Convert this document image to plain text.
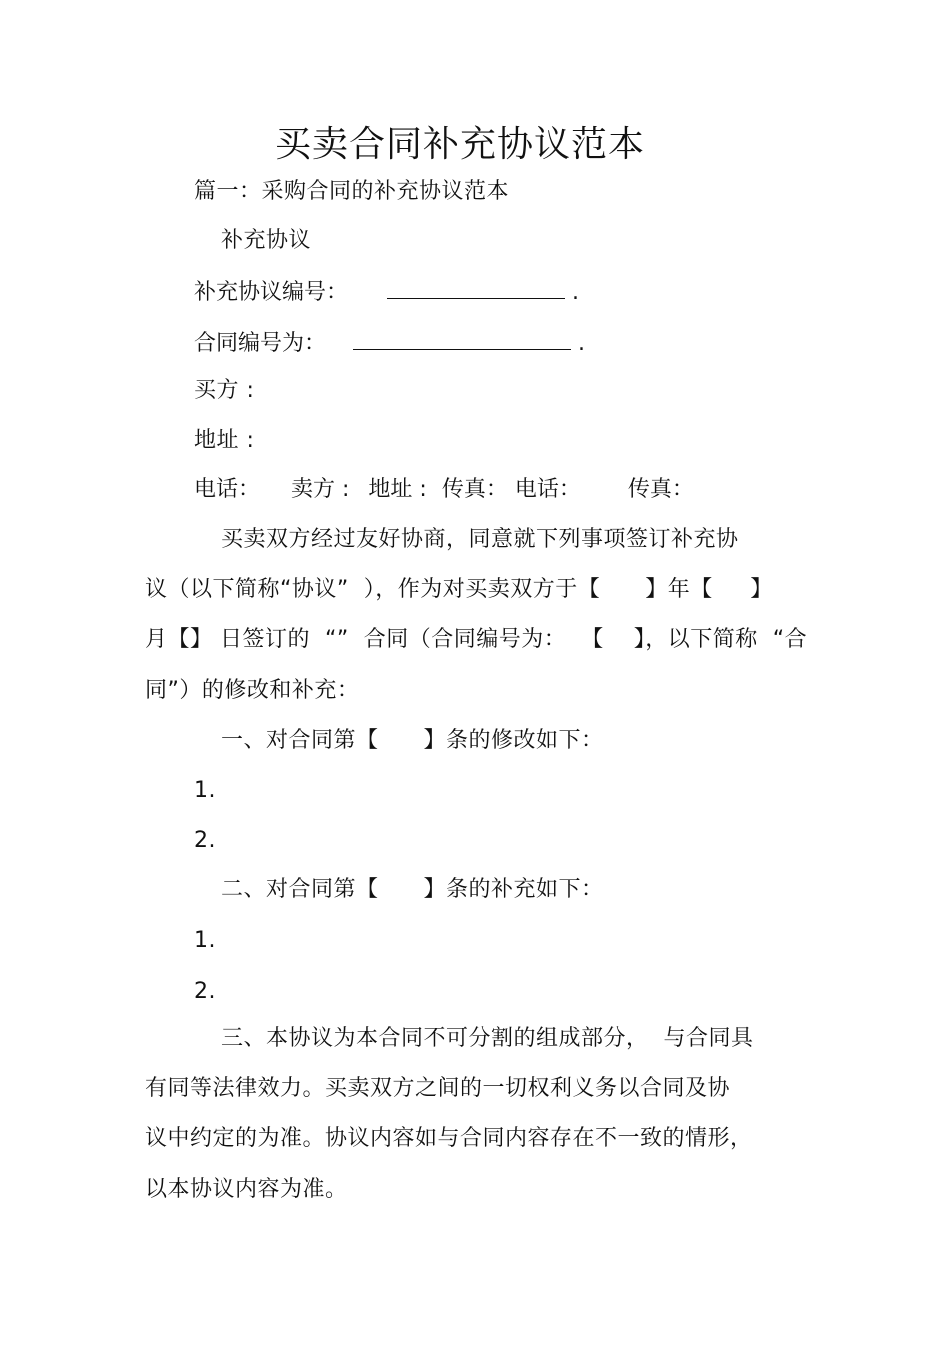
买卖合同补充协议范本
篇一：采购合同的补充协议范本
补充协议
补充协议编号：	.
合同编号为：	.
买方 :
地址 :
电话： 卖方 : 地址 : 传真： 电话： 传真：
买卖双方经过友好协商，同意就下列事项签订补充协
议（以下简称“协议”  ），作为对买卖双方于【      】年【     】
月【】 日签订的  “”  合同（合同编号为：  【    】，以下简称  “合
同”）的修改和补充：
一、对合同第【      】条的修改如下：
1.
2.
二、对合同第【      】条的补充如下：
1.
2.
三、本协议为本合同不可分割的组成部分，  与合同具
有同等法律效力。买卖双方之间的一切权利义务以合同及协
议中约定的为准。协议内容如与合同内容存在不一致的情形，
以本协议内容为准。
